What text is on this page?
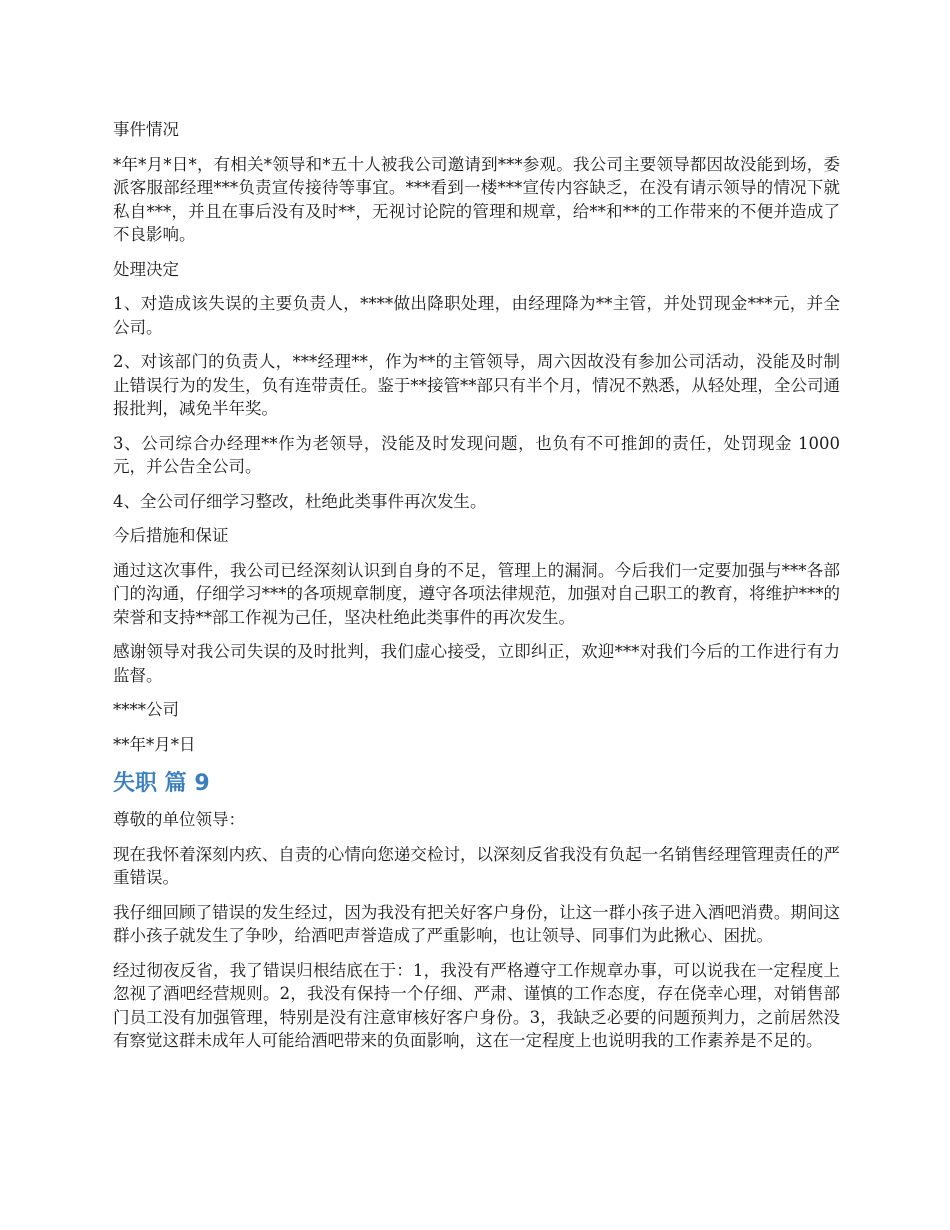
事件情况

*年*月*日*，有相关*领导和*五十人被我公司邀请到***参观。我公司主要领导都因故没能到场，委派客服部经理***负责宣传接待等事宜。***看到一楼***宣传内容缺乏，在没有请示领导的情况下就私自***，并且在事后没有及时**，无视讨论院的管理和规章，给**和**的工作带来的不便并造成了不良影响。

处理决定

1、对造成该失误的主要负责人，****做出降职处理，由经理降为**主管，并处罚现金***元，并全公司。

2、对该部门的负责人，***经理**，作为**的主管领导，周六因故没有参加公司活动，没能及时制止错误行为的发生，负有连带责任。鉴于**接管**部只有半个月，情况不熟悉，从轻处理，全公司通报批判，减免半年奖。

3、公司综合办经理**作为老领导，没能及时发现问题，也负有不可推卸的责任，处罚现金 1000 元，并公告全公司。

4、全公司仔细学习整改，杜绝此类事件再次发生。

今后措施和保证

通过这次事件，我公司已经深刻认识到自身的不足，管理上的漏洞。今后我们一定要加强与***各部门的沟通，仔细学习***的各项规章制度，遵守各项法律规范，加强对自己职工的教育，将维护***的荣誉和支持**部工作视为己任，坚决杜绝此类事件的再次发生。

感谢领导对我公司失误的及时批判，我们虚心接受，立即纠正，欢迎***对我们今后的工作进行有力监督。

****公司

**年*月*日

失职 篇 9

尊敬的单位领导：

现在我怀着深刻内疚、自责的心情向您递交检讨，以深刻反省我没有负起一名销售经理管理责任的严重错误。

我仔细回顾了错误的发生经过，因为我没有把关好客户身份，让这一群小孩子进入酒吧消费。期间这群小孩子就发生了争吵，给酒吧声誉造成了严重影响，也让领导、同事们为此揪心、困扰。

经过彻夜反省，我了错误归根结底在于：1，我没有严格遵守工作规章办事，可以说我在一定程度上忽视了酒吧经营规则。2，我没有保持一个仔细、严肃、谨慎的工作态度，存在侥幸心理，对销售部门员工没有加强管理，特别是没有注意审核好客户身份。3，我缺乏必要的问题预判力，之前居然没有察觉这群未成年人可能给酒吧带来的负面影响，这在一定程度上也说明我的工作素养是不足的。
